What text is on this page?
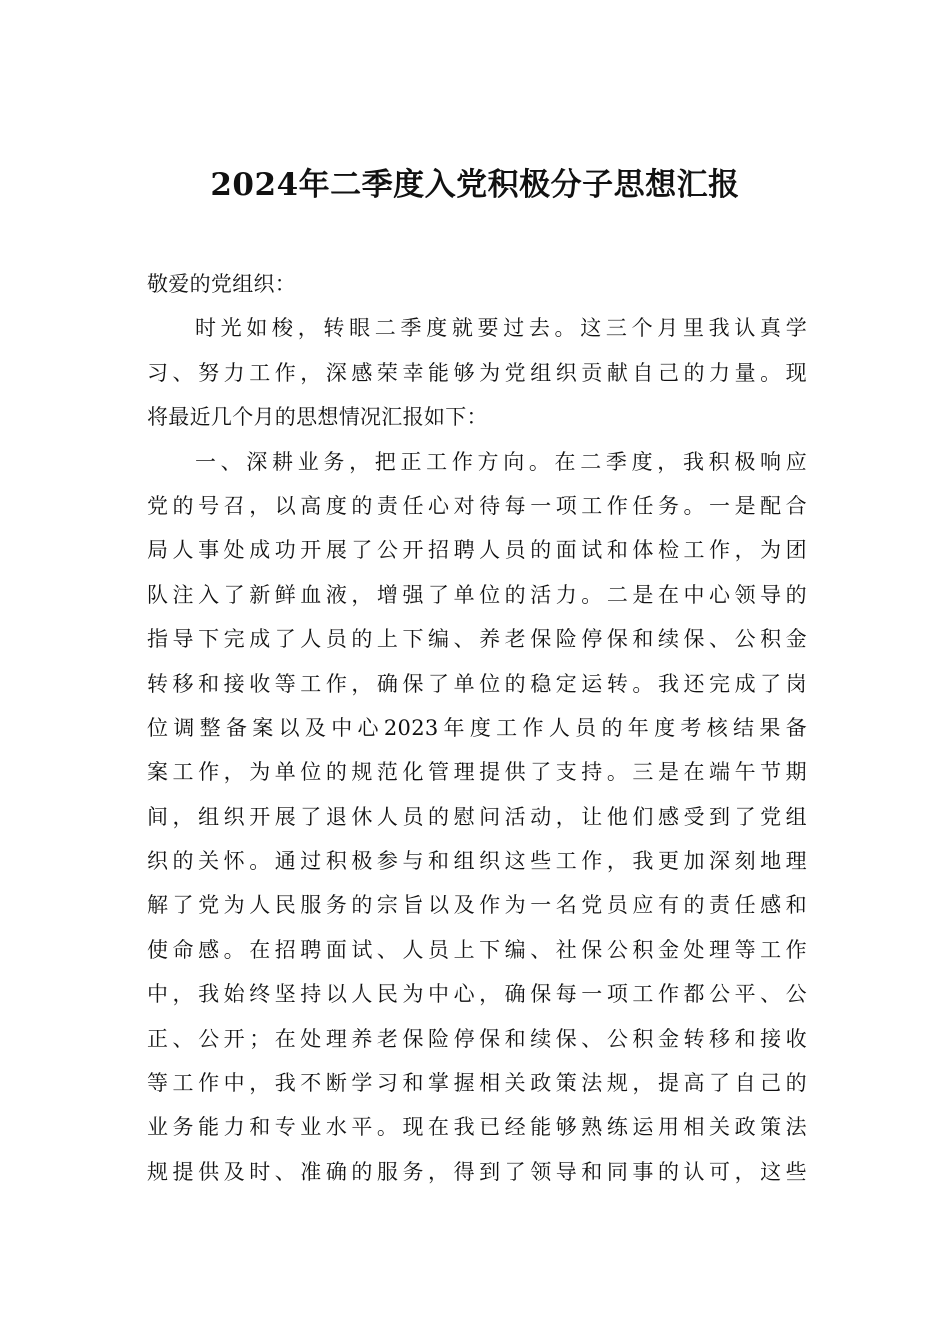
2024年二季度入党积极分子思想汇报
敬爱的党组织：
时光如梭，转眼二季度就要过去。这三个月里我认真学
习、努力工作，深感荣幸能够为党组织贡献自己的力量。现
将最近几个月的思想情况汇报如下：
一、深耕业务，把正工作方向。在二季度，我积极响应
党的号召，以高度的责任心对待每一项工作任务。一是配合
局人事处成功开展了公开招聘人员的面试和体检工作，为团
队注入了新鲜血液，增强了单位的活力。二是在中心领导的
指导下完成了人员的上下编、养老保险停保和续保、公积金
转移和接收等工作，确保了单位的稳定运转。我还完成了岗
位调整备案以及中心2023年度工作人员的年度考核结果备
案工作，为单位的规范化管理提供了支持。三是在端午节期
间，组织开展了退休人员的慰问活动，让他们感受到了党组
织的关怀。通过积极参与和组织这些工作，我更加深刻地理
解了党为人民服务的宗旨以及作为一名党员应有的责任感和
使命感。在招聘面试、人员上下编、社保公积金处理等工作
中，我始终坚持以人民为中心，确保每一项工作都公平、公
正、公开；在处理养老保险停保和续保、公积金转移和接收
等工作中，我不断学习和掌握相关政策法规，提高了自己的
业务能力和专业水平。现在我已经能够熟练运用相关政策法
规提供及时、准确的服务，得到了领导和同事的认可，这些
